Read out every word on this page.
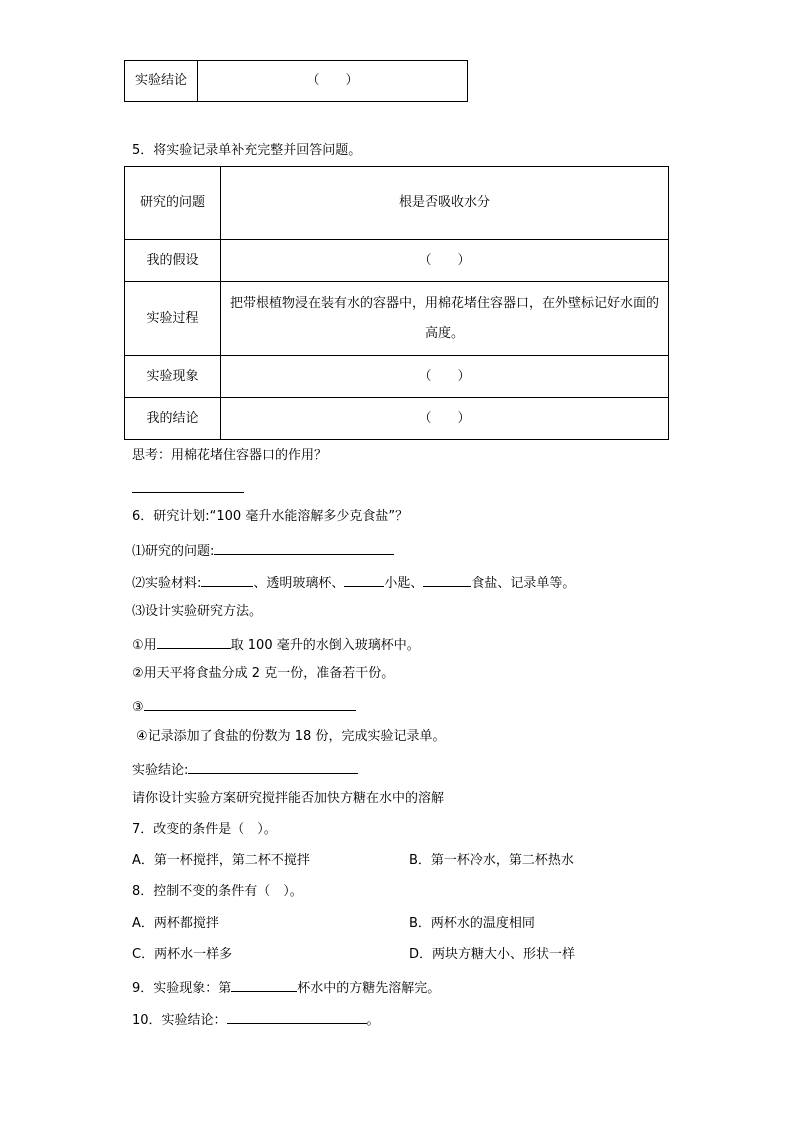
实验结论	（　　）
5．将实验记录单补充完整并回答问题。
研究的问题	根是否吸收水分
我的假设	（　　）
实验过程	把带根植物浸在装有水的容器中，用棉花堵住容器口，在外壁标记好水面的高度。

实验现象	（　　）
我的结论	（　　）
思考：用棉花堵住容器口的作用？
6．研究计划:“100 毫升水能溶解多少克食盐”？
⑴研究的问题:
⑵实验材料:	、透明玻璃杯、	小匙、	食盐、记录单等。
⑶设计实验研究方法。
①用	取 100 毫升的水倒入玻璃杯中。
②用天平将食盐分成 2 克一份，准备若干份。
③
④记录添加了食盐的份数为 18 份，完成实验记录单。
实验结论:
请你设计实验方案研究搅拌能否加快方糖在水中的溶解
7．改变的条件是（　）。
A．第一杯搅拌，第二杯不搅拌	B．第一杯冷水，第二杯热水
8．控制不变的条件有（　）。
A．两杯都搅拌	B．两杯水的温度相同
C．两杯水一样多	D．两块方糖大小、形状一样
9．实验现象：第	杯水中的方糖先溶解完。
10．实验结论：	。
